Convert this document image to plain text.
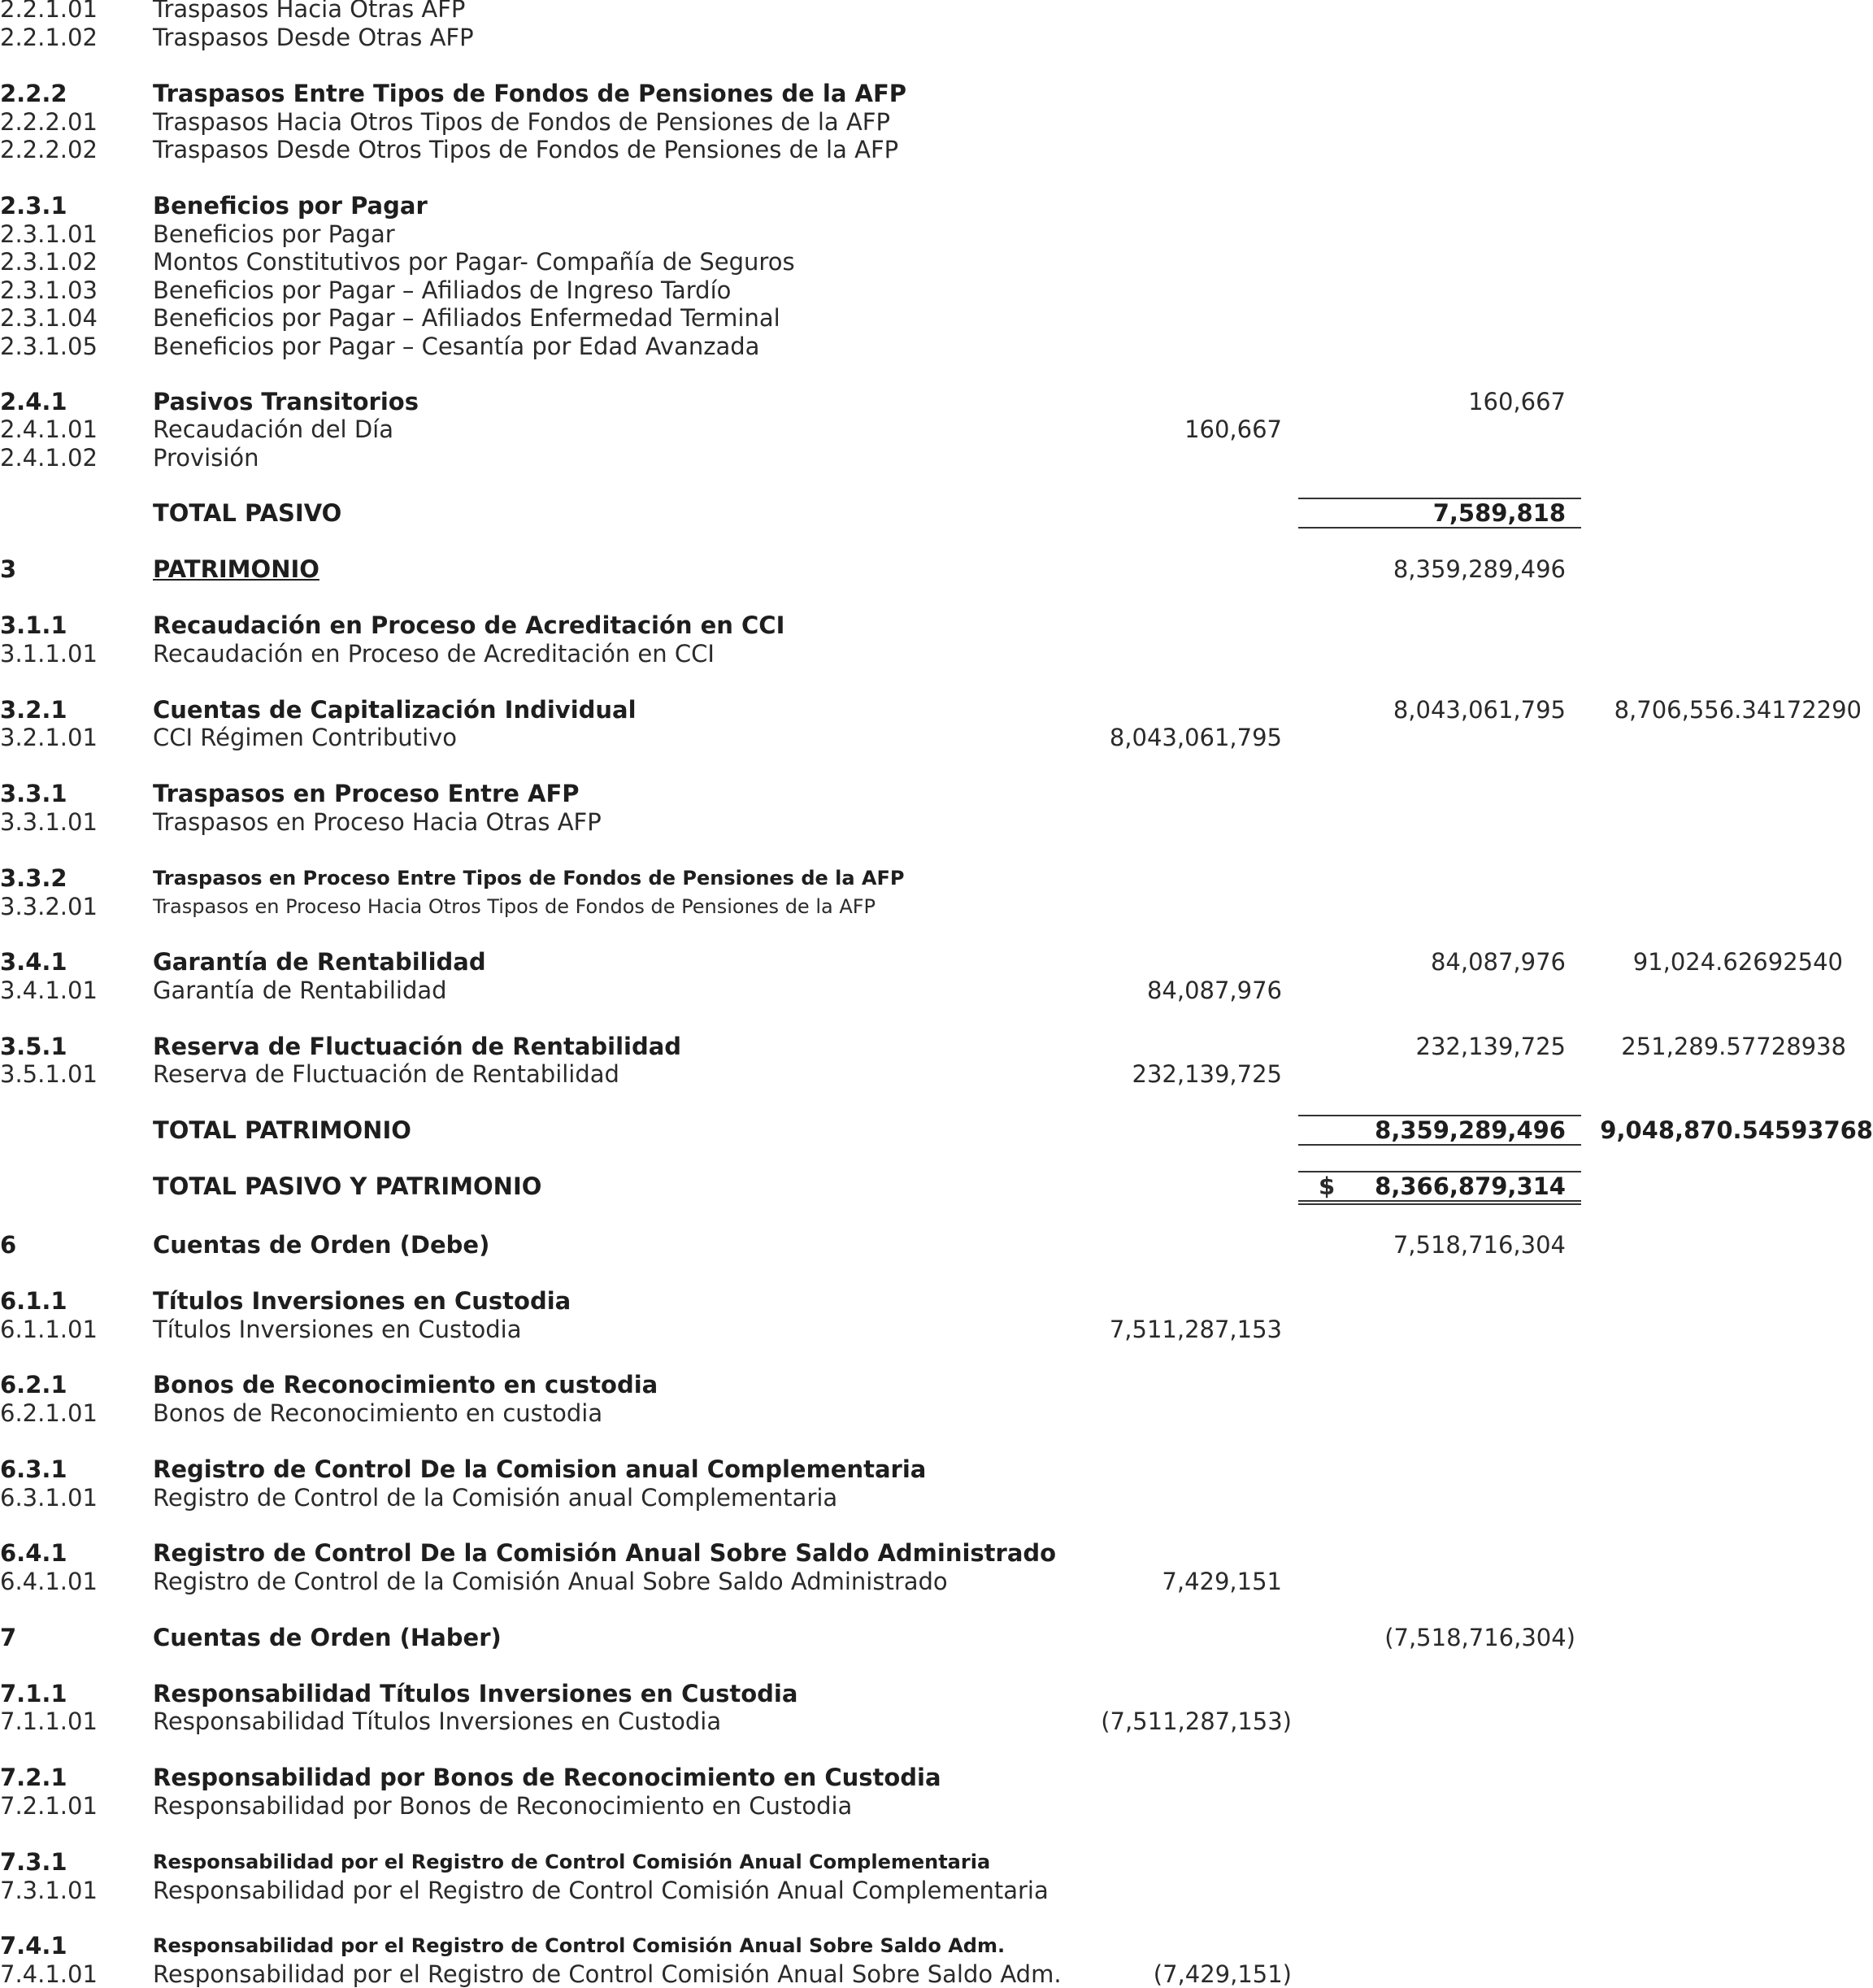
2.2.1.01 Traspasos Hacia Otras AFP
2.2.1.02 Traspasos Desde Otras AFP
2.2.2	Traspasos Entre Tipos de Fondos de Pensiones de la AFP
2.2.2.01 Traspasos Hacia Otros Tipos de Fondos de Pensiones de la AFP
2.2.2.02 Traspasos Desde Otros Tipos de Fondos de Pensiones de la AFP
2.3.1	Beneficios por Pagar
2.3.1.01 Beneficios por Pagar
2.3.1.02 Montos Constitutivos por Pagar- Compañía de Seguros
2.3.1.03 Beneficios por Pagar – Afiliados de Ingreso Tardío
2.3.1.04 Beneficios por Pagar – Afiliados Enfermedad Terminal
2.3.1.05 Beneficios por Pagar – Cesantía por Edad Avanzada
2.4.1	Pasivos Transitorios	160,667
2.4.1.01 Recaudación del Día	160,667
2.4.1.02 Provisión
TOTAL PASIVO	7,589,818
3	PATRIMONIO	8,359,289,496
3.1.1	Recaudación en Proceso de Acreditación en CCI
3.1.1.01 Recaudación en Proceso de Acreditación en CCI
3.2.1	Cuentas de Capitalización Individual	8,043,061,795 8,706,556.34172290
3.2.1.01 CCI Régimen Contributivo	8,043,061,795
3.3.1	Traspasos en Proceso Entre AFP
3.3.1.01 Traspasos en Proceso Hacia Otras AFP
3.3.2	Traspasos en Proceso Entre Tipos de Fondos de Pensiones de la AFP
3.3.2.01	Traspasos en Proceso Hacia Otros Tipos de Fondos de Pensiones de la AFP
3.4.1	Garantía de Rentabilidad	84,087,976	91,024.62692540
3.4.1.01 Garantía de Rentabilidad	84,087,976
3.5.1	Reserva de Fluctuación de Rentabilidad	232,139,725 251,289.57728938
3.5.1.01 Reserva de Fluctuación de Rentabilidad	232,139,725
TOTAL PATRIMONIO	8,359,289,496 9,048,870.54593768
TOTAL PASIVO Y PATRIMONIO	$ 8,366,879,314
6	Cuentas de Orden (Debe)	7,518,716,304
6.1.1	Títulos Inversiones en Custodia
6.1.1.01 Títulos Inversiones en Custodia	7,511,287,153
6.2.1	Bonos de Reconocimiento en custodia
6.2.1.01 Bonos de Reconocimiento en custodia
6.3.1	Registro de Control De la Comision anual Complementaria
6.3.1.01 Registro de Control de la Comisión anual Complementaria
6.4.1	Registro de Control De la Comisión Anual Sobre Saldo Administrado
6.4.1.01 Registro de Control de la Comisión Anual Sobre Saldo Administrado	7,429,151
7	Cuentas de Orden (Haber)	(7,518,716,304)
7.1.1	Responsabilidad Títulos Inversiones en Custodia
7.1.1.01 Responsabilidad Títulos Inversiones en Custodia	(7,511,287,153)
7.2.1	Responsabilidad por Bonos de Reconocimiento en Custodia
7.2.1.01 Responsabilidad por Bonos de Reconocimiento en Custodia
7.3.1	Responsabilidad por el Registro de Control Comisión Anual Complementaria
7.3.1.01 Responsabilidad por el Registro de Control Comisión Anual Complementaria
7.4.1	Responsabilidad por el Registro de Control Comisión Anual Sobre Saldo Adm.
7.4.1.01 Responsabilidad por el Registro de Control Comisión Anual Sobre Saldo Adm.	(7,429,151)
